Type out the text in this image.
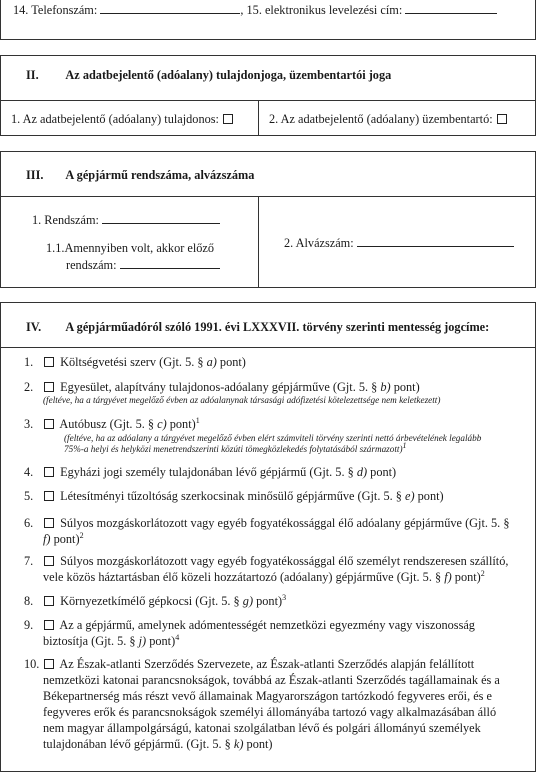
14. Telefonszám:	, 15. elektronikus levelezési cím:
II. Az adatbejelentő (adóalany) tulajdonjoga, üzembentartói joga
1. Az adatbejelentő (adóalany) tulajdonos:	2. Az adatbejelentő (adóalany) üzembentartó:
III. A gépjármű rendszáma, alvázszáma
1. Rendszám:
1.1.Amennyiben volt, akkor előző
rendszám:
2. Alvázszám:
IV. A gépjárműadóról szóló 1991. évi LXXXVII. törvény szerinti mentesség jogcíme:
1. Költségvetési szerv (Gjt. 5. § a) pont)
2. Egyesület, alapítvány tulajdonos-adóalany gépjárműve (Gjt. 5. § b) pont)
(feltéve, ha a tárgyévet megelőző évben az adóalanynak társasági adófizetési kötelezettsége nem keletkezett)
3. Autóbusz (Gjt. 5. § c) pont)$^1$
(feltéve, ha az adóalany a tárgyévet megelőző évben elért számviteli törvény szerinti nettó árbevételének legalább
75%-a helyi és helyközi menetrendszerinti közúti tömegközlekedés folytatásából származott)$^1$
4. Egyházi jogi személy tulajdonában lévő gépjármű (Gjt. 5. § d) pont)
5. Létesítményi tűzoltóság szerkocsinak minősülő gépjárműve (Gjt. 5. § e) pont)
6. Súlyos mozgáskorlátozott vagy egyéb fogyatékossággal élő adóalany gépjárműve (Gjt. 5. §
f) pont)$^2$
7. Súlyos mozgáskorlátozott vagy egyéb fogyatékossággal élő személyt rendszeresen szállító,
vele közös háztartásban élő közeli hozzátartozó (adóalany) gépjárműve (Gjt. 5. § f) pont)$^2$
8. Környezetkímélő gépkocsi (Gjt. 5. § g) pont)$^3$
9. Az a gépjármű, amelynek adómentességét nemzetközi egyezmény vagy viszonosság
biztosítja (Gjt. 5. § j) pont)$^4$
10. Az Észak-atlanti Szerződés Szervezete, az Észak-atlanti Szerződés alapján felállított
nemzetközi katonai parancsnokságok, továbbá az Észak-atlanti Szerződés tagállamainak és a
Békepartnerség más részt vevő államainak Magyarországon tartózkodó fegyveres erői, és e
fegyveres erők és parancsnokságok személyi állományába tartozó vagy alkalmazásában álló
nem magyar állampolgárságú, katonai szolgálatban lévő és polgári állományú személyek
tulajdonában lévő gépjármű. (Gjt. 5. § k) pont)
